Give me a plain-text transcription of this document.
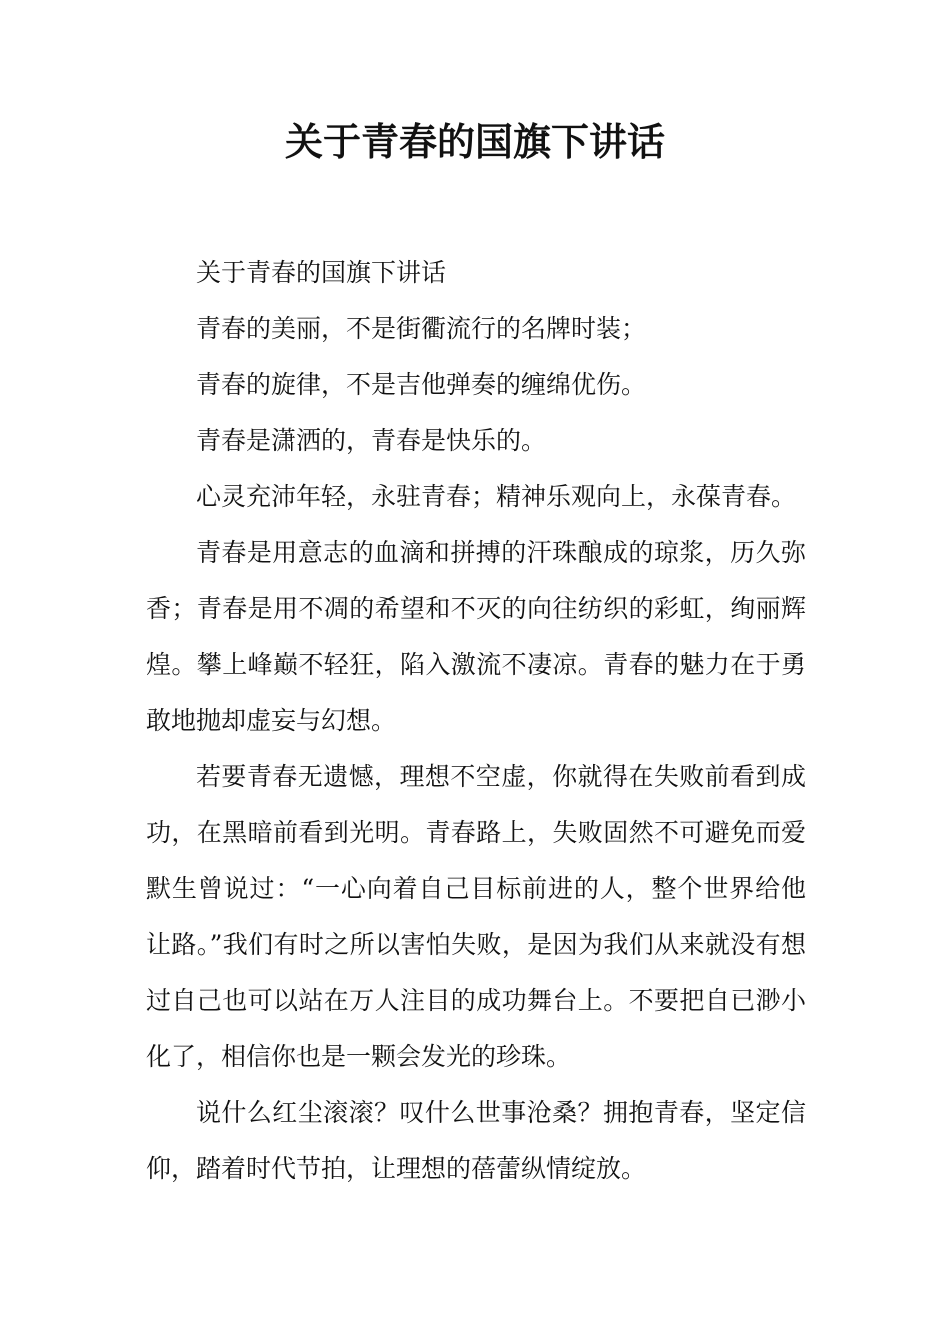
关于青春的国旗下讲话

关于青春的国旗下讲话

青春的美丽，不是街衢流行的名牌时装；

青春的旋律，不是吉他弹奏的缠绵优伤。

青春是潇洒的，青春是快乐的。

心灵充沛年轻，永驻青春；精神乐观向上，永葆青春。

青春是用意志的血滴和拼搏的汗珠酿成的琼浆，历久弥香；青春是用不凋的希望和不灭的向往纺织的彩虹，绚丽辉煌。攀上峰巅不轻狂，陷入激流不凄凉。青春的魅力在于勇敢地抛却虚妄与幻想。

若要青春无遗憾，理想不空虚，你就得在失败前看到成功，在黑暗前看到光明。青春路上，失败固然不可避免而爱默生曾说过：“一心向着自己目标前进的人，整个世界给他让路。”我们有时之所以害怕失败，是因为我们从来就没有想过自己也可以站在万人注目的成功舞台上。不要把自已渺小化了，相信你也是一颗会发光的珍珠。

说什么红尘滚滚？叹什么世事沧桑？拥抱青春，坚定信仰，踏着时代节拍，让理想的蓓蕾纵情绽放。
